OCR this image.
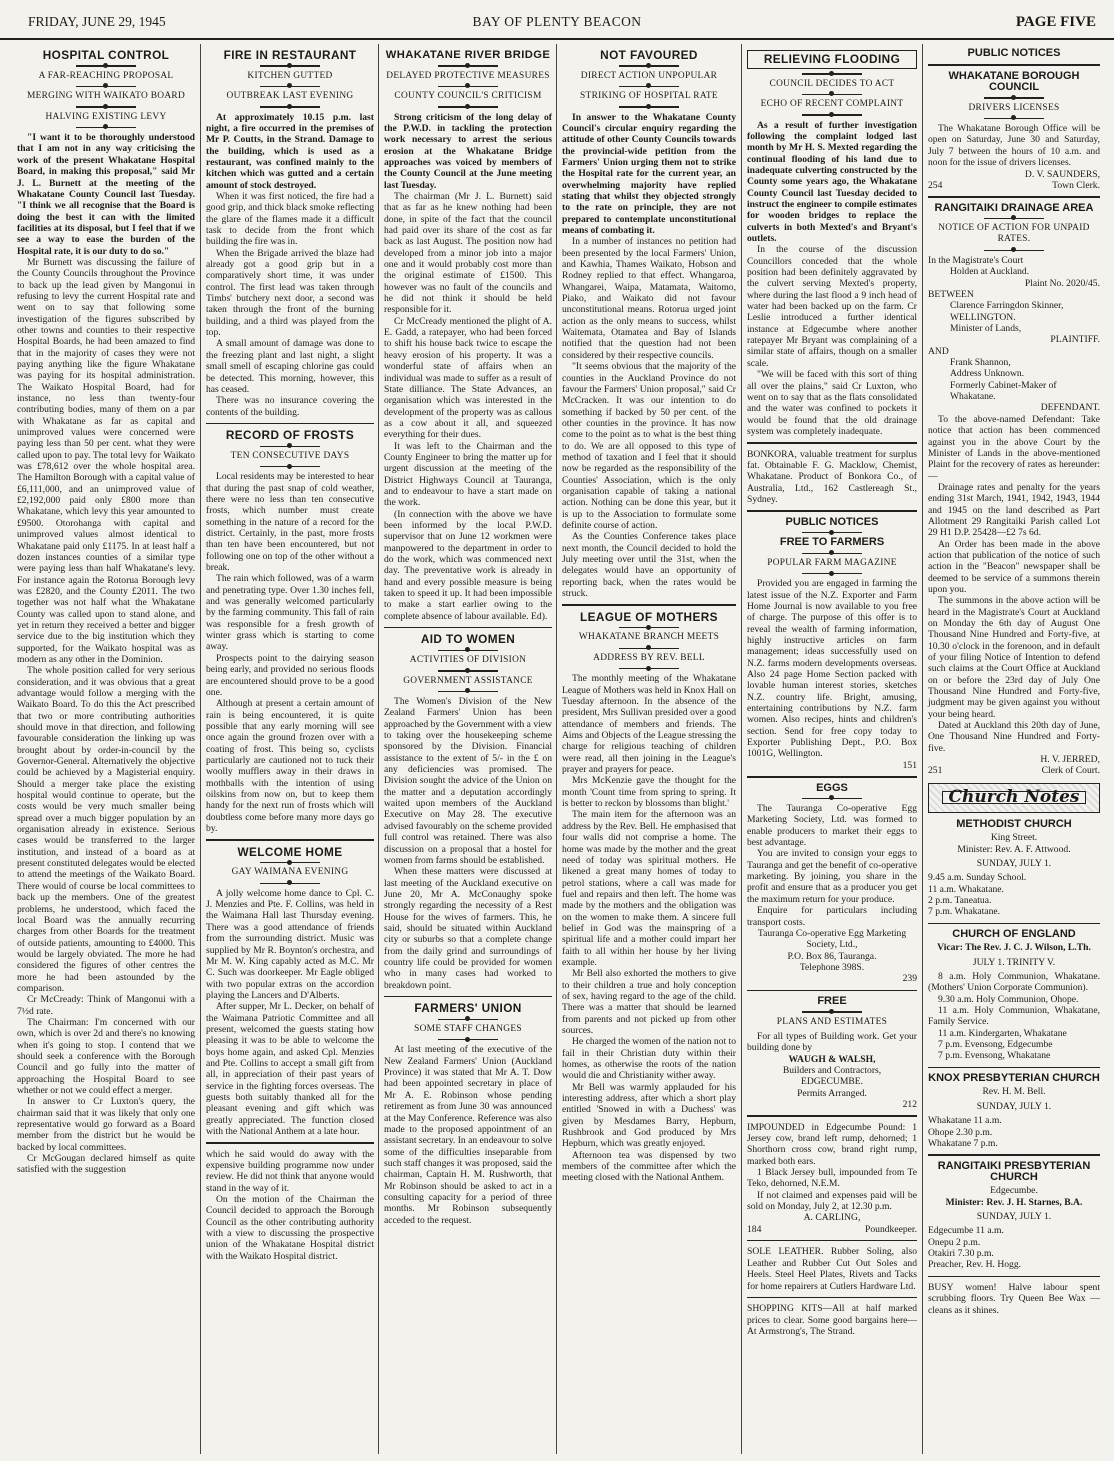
BAY OF PLENTY BEACON
FRIDAY, JUNE 29, 1945	PAGE FIVE
HOSPITAL CONTROL
A FAR-REACHING PROPOSAL
MERGING WITH WAIKATO BOARD
HALVING EXISTING LEVY

"I want it to be thoroughly understood that I am not in any way criticising the work of the present Whakatane Hospital Board, in making this proposal," said Mr J. L. Burnett at the meeting of the Whakatane County Council last Tuesday. "I think we all recognise that the Board is doing the best it can with the limited facilities at its disposal, but I feel that if we see a way to ease the burden of the Hospital rate, it is our duty to do so."

Mr Burnett was discussing the failure of the County Councils throughout the Province to back up the lead given by Mangonui in refusing to levy the current Hospital rate and went on to say that following some investigation of the figures subscribed by other towns and counties to their respective Hospital Boards, he had been amazed to find that in the majority of cases they were not paying anything like the figure Whakatane was paying for its hospital administration. The Waikato Hospital Board, had for instance, no less than twenty-four contributing bodies, many of them on a par with Whakatane as far as capital and unimproved values were concerned were paying less than 50 per cent. what they were called upon to pay. The total levy for Waikato was £78,612 over the whole hospital area. The Hamilton Borough with a capital value of £6,111,000, and an unimproved value of £2,192,000 paid only £800 more than Whakatane, which levy this year amounted to £9500. Otorohanga with capital and unimproved values almost identical to Whakatane paid only £1175. In at least half a dozen instances counties of a similar type were paying less than half Whakatane's levy. For instance again the Rotorua Borough levy was £2820, and the County £2011. The two together was not half what the Whakatane County was called upon to stand alone, and yet in return they received a better and bigger service due to the big institution which they supported, for the Waikato hospital was as modern as any other in the Dominion.

The whole position called for very serious consideration, and it was obvious that a great advantage would follow a merging with the Waikato Board. To do this the Act prescribed that two or more contributing authorities should move in that direction, and following favourable consideration the linking up was brought about by order-in-council by the Governor-General. Alternatively the objective could be achieved by a Magisterial enquiry. Should a merger take place the existing hospital would continue to operate, but the costs would be very much smaller being spread over a much bigger population by an organisation already in existence. Serious cases would be transferred to the larger institution, and instead of a board as at present constituted delegates would be elected to attend the meetings of the Waikato Board. There would of course be local committees to back up the members. One of the greatest problems, he understood, which faced the local Board was the annually recurring charges from other Boards for the treatment of outside patients, amounting to £4000. This would be largely obviated. The more he had considered the figures of other centres the more he had been astounded by the comparison.

Cr McCready: Think of Mangonui with a 7½d rate.

The Chairman: I'm concerned with our own, which is over 2d and there's no knowing when it's going to stop. I contend that we should seek a conference with the Borough Council and go fully into the matter of approaching the Hospital Board to see whether or not we could effect a merger.

In answer to Cr Luxton's query, the chairman said that it was likely that only one representative would go forward as a Board member from the district but he would be backed by local committees.

Cr McGougan declared himself as quite satisfied with the suggestion

FIRE IN RESTAURANT
KITCHEN GUTTED
OUTBREAK LAST EVENING

At approximately 10.15 p.m. last night, a fire occurred in the premises of Mr P. Coutts, in the Strand. Damage to the building, which is used as a restaurant, was confined mainly to the kitchen which was gutted and a certain amount of stock destroyed.

When it was first noticed, the fire had a good grip, and thick black smoke reflecting the glare of the flames made it a difficult task to decide from the front which building the fire was in.

When the Brigade arrived the blaze had already got a good grip but in a comparatively short time, it was under control. The first lead was taken through Timbs' butchery next door, a second was taken through the front of the burning building, and a third was played from the top.

A small amount of damage was done to the freezing plant and last night, a slight small smell of escaping chlorine gas could be detected. This morning, however, this has ceased.

There was no insurance covering the contents of the building.

RECORD OF FROSTS
TEN CONSECUTIVE DAYS

Local residents may be interested to hear that during the past snap of cold weather, there were no less than ten consecutive frosts, which number must create something in the nature of a record for the district. Certainly, in the past, more frosts than ten have been encountered, but not following one on top of the other without a break.

The rain which followed, was of a warm and penetrating type. Over 1.30 inches fell, and was generally welcomed particularly by the farming community. This fall of rain was responsible for a fresh growth of winter grass which is starting to come away.

Prospects point to the dairying season being early, and provided no serious floods are encountered should prove to be a good one.

Although at present a certain amount of rain is being encountered, it is quite possible that any early morning will see once again the ground frozen over with a coating of frost. This being so, cyclists particularly are cautioned not to tuck their woolly mufflers away in their draws in mothballs with the intention of using oilskins from now on, but to keep them handy for the next run of frosts which will doubtless come before many more days go by.

WELCOME HOME
GAY WAIMANA EVENING

A jolly welcome home dance to Cpl. C. J. Menzies and Pte. F. Collins, was held in the Waimana Hall last Thursday evening. There was a good attendance of friends from the surrounding district. Music was supplied by Mr R. Boynton's orchestra, and Mr M. W. King capably acted as M.C. Mr C. Such was doorkeeper. Mr Eagle obliged with two popular extras on the accordion playing the Lancers and D'Alberts.

After supper, Mr L. Decker, on behalf of the Waimana Patriotic Committee and all present, welcomed the guests stating how pleasing it was to be able to welcome the boys home again, and asked Cpl. Menzies and Pte. Collins to accept a small gift from all, in appreciation of their past years of service in the fighting forces overseas. The guests both suitably thanked all for the pleasant evening and gift which was greatly appreciated. The function closed with the National Anthem at a late hour.

which he said would do away with the expensive building programme now under review. He did not think that anyone would stand in the way of it.

On the motion of the Chairman the Council decided to approach the Borough Council as the other contributing authority with a view to discussing the prospective union of the Whakatane Hospital district with the Waikato Hospital district.

WHAKATANE RIVER BRIDGE
DELAYED PROTECTIVE MEASURES
COUNTY COUNCIL'S CRITICISM

Strong criticism of the long delay of the P.W.D. in tackling the protection work necessary to arrest the serious erosion at the Whakatane Bridge approaches was voiced by members of the County Council at the June meeting last Tuesday.

The chairman (Mr J. L. Burnett) said that as far as he knew nothing had been done, in spite of the fact that the council had paid over its share of the cost as far back as last August. The position now had developed from a minor job into a major one and it would probably cost more than the original estimate of £1500. This however was no fault of the councils and he did not think it should be held responsible for it.

Cr McCready mentioned the plight of A. E. Gadd, a ratepayer, who had been forced to shift his house back twice to escape the heavy erosion of his property. It was a wonderful state of affairs when an individual was made to suffer as a result of State dilliance. The State Advances, an organisation which was interested in the development of the property was as callous as a cow about it all, and squeezed everything for their dues.

It was left to the Chairman and the County Engineer to bring the matter up for urgent discussion at the meeting of the District Highways Council at Tauranga, and to endeavour to have a start made on the work.

(In connection with the above we have been informed by the local P.W.D. supervisor that on June 12 workmen were manpowered to the department in order to do the work, which was commenced next day. The preventative work is already in hand and every possible measure is being taken to speed it up. It had been impossible to make a start earlier owing to the complete absence of labour available. Ed).

AID TO WOMEN
ACTIVITIES OF DIVISION
GOVERNMENT ASSISTANCE

The Women's Division of the New Zealand Farmers' Union has been approached by the Government with a view to taking over the housekeeping scheme sponsored by the Division. Financial assistance to the extent of 5/- in the £ on any deficiencies was promised. The Division sought the advice of the Union on the matter and a deputation accordingly waited upon members of the Auckland Executive on May 28. The executive advised favourably on the scheme provided full control was retained. There was also discussion on a proposal that a hostel for women from farms should be established.

When these matters were discussed at last meeting of the Auckland executive on June 20, Mr A. McConaughy spoke strongly regarding the necessity of a Rest House for the wives of farmers. This, he said, should be situated within Auckland city or suburbs so that a complete change from the daily grind and surroundings of country life could be provided for women who in many cases had worked to breakdown point.

FARMERS' UNION
SOME STAFF CHANGES

At last meeting of the executive of the New Zealand Farmers' Union (Auckland Province) it was stated that Mr A. T. Dow had been appointed secretary in place of Mr A. E. Robinson whose pending retirement as from June 30 was announced at the May Conference. Reference was also made to the proposed appointment of an assistant secretary. In an endeavour to solve some of the difficulties inseparable from such staff changes it was proposed, said the chairman, Captain H. M. Rushworth, that Mr Robinson should be asked to act in a consulting capacity for a period of three months. Mr Robinson subsequently acceded to the request.

NOT FAVOURED
DIRECT ACTION UNPOPULAR
STRIKING OF HOSPITAL RATE

In answer to the Whakatane County Council's circular enquiry regarding the attitude of other County Councils towards the provincial-wide petition from the Farmers' Union urging them not to strike the Hospital rate for the current year, an overwhelming majority have replied stating that whilst they objected strongly to the rate on principle, they are not prepared to contemplate unconstitutional means of combating it.

In a number of instances no petition had been presented by the local Farmers' Union, and Kawhia, Thames Waikato, Hobson and Rodney replied to that effect. Whangaroa, Whangarei, Waipa, Matamata, Waitomo, Piako, and Waikato did not favour unconstitutional means. Rotorua urged joint action as the only means to success, whilst Waitemata, Otamatea and Bay of Islands notified that the question had not been considered by their respective councils.

"It seems obvious that the majority of the counties in the Auckland Province do not favour the Farmers' Union proposal," said Cr McCracken. It was our intention to do something if backed by 50 per cent. of the other counties in the province. It has now come to the point as to what is the best thing to do. We are all opposed to this type of method of taxation and I feel that it should now be regarded as the responsibility of the Counties' Association, which is the only organisation capable of taking a national action. Nothing can be done this year, but it is up to the Association to formulate some definite course of action.

As the Counties Conference takes place next month, the Council decided to hold the July meeting over until the 31st, when the delegates would have an opportunity of reporting back, when the rates would be struck.

LEAGUE OF MOTHERS
WHAKATANE BRANCH MEETS
ADDRESS BY REV. BELL

The monthly meeting of the Whakatane League of Mothers was held in Knox Hall on Tuesday afternoon. In the absence of the president, Mrs Sullivan presided over a good attendance of members and friends. The Aims and Objects of the League stressing the charge for religious teaching of children were read, all then joining in the League's prayer and prayers for peace.

Mrs McKenzie gave the thought for the month 'Count time from spring to spring. It is better to reckon by blossoms than blight.'

The main item for the afternoon was an address by the Rev. Bell. He emphasised that four walls did not comprise a home. The home was made by the mother and the great need of today was spiritual mothers. He likened a great many homes of today to petrol stations, where a call was made for fuel and repairs and then left. The home was made by the mothers and the obligation was on the women to make them. A sincere full belief in God was the mainspring of a spiritual life and a mother could impart her faith to all within her house by her living example.

Mr Bell also exhorted the mothers to give to their children a true and holy conception of sex, having regard to the age of the child. There was a matter that should be learned from parents and not picked up from other sources.

He charged the women of the nation not to fail in their Christian duty within their homes, as otherwise the roots of the nation would die and Christianity wither away.

Mr Bell was warmly applauded for his interesting address, after which a short play entitled 'Snowed in with a Duchess' was given by Mesdames Barry, Hepburn, Rushbrook and God produced by Mrs Hepburn, which was greatly enjoyed.

Afternoon tea was dispensed by two members of the committee after which the meeting closed with the National Anthem.

RELIEVING FLOODING
COUNCIL DECIDES TO ACT
ECHO OF RECENT COMPLAINT

As a result of further investigation following the complaint lodged last month by Mr H. S. Mexted regarding the continual flooding of his land due to inadequate culverting constructed by the County some years ago, the Whakatane County Council last Tuesday decided to instruct the engineer to compile estimates for wooden bridges to replace the culverts in both Mexted's and Bryant's outlets.

In the course of the discussion Councillors conceded that the whole position had been definitely aggravated by the culvert serving Mexted's property, where during the last flood a 9 inch head of water had been backed up on the farm. Cr Leslie introduced a further identical instance at Edgecumbe where another ratepayer Mr Bryant was complaining of a similar state of affairs, though on a smaller scale.

"We will be faced with this sort of thing all over the plains," said Cr Luxton, who went on to say that as the flats consolidated and the water was confined to pockets it would be found that the old drainage system was completely inadequate.

BONKORA, valuable treatment for surplus fat. Obtainable F. G. Macklow, Chemist, Whakatane. Product of Bonkora Co., of Australia, Ltd., 162 Castlereagh St., Sydney.

PUBLIC NOTICES
FREE TO FARMERS
POPULAR FARM MAGAZINE

Provided you are engaged in farming the latest issue of the N.Z. Exporter and Farm Home Journal is now available to you free of charge. The purpose of this offer is to reveal the wealth of farming information, highly instructive articles on farm management; ideas successfully used on N.Z. farms modern developments overseas. Also 24 page Home Section packed with lovable human interest stories, sketches N.Z. country life. Bright, amusing, entertaining contributions by N.Z. farm women. Also recipes, hints and children's section. Send for free copy today to Exporter Publishing Dept., P.O. Box 1001G, Wellington.

151

EGGS

The Tauranga Co-operative Egg Marketing Society, Ltd. was formed to enable producers to market their eggs to best advantage.

You are invited to consign your eggs to Tauranga and get the benefit of co-operative marketing. By joining, you share in the profit and ensure that as a producer you get the maximum return for your produce.

Enquire for particulars including transport costs.

Tauranga Co-operative Egg Marketing Society, Ltd.,

P.O. Box 86, Tauranga.

Telephone 398S.

239

FREE
PLANS AND ESTIMATES

For all types of Building work. Get your building done by

WAUGH & WALSH,

Builders and Contractors,

EDGECUMBE.

Permits Arranged.

212

IMPOUNDED in Edgecumbe Pound: 1 Jersey cow, brand left rump, dehorned; 1 Shorthorn cross cow, brand right rump, marked both ears.

1 Black Jersey bull, impounded from Te Teko, dehorned, N.E.M.

If not claimed and expenses paid will be sold on Monday, July 2, at 12.30 p.m.

A. CARLING,

184	Poundkeeper.

SOLE LEATHER. Rubber Soling, also Leather and Rubber Cut Out Soles and Heels. Steel Heel Plates, Rivets and Tacks for home repairers at Cutlers Hardware Ltd.

SHOPPING KITS—All at half marked prices to clear. Some good bargains here—At Armstrong's, The Strand.

PUBLIC NOTICES
WHAKATANE BOROUGH COUNCIL
DRIVERS LICENSES

The Whakatane Borough Office will be open on Saturday, June 30 and Saturday, July 7 between the hours of 10 a.m. and noon for the issue of drivers licenses.

D. V. SAUNDERS,

254	Town Clerk.

RANGITAIKI DRAINAGE AREA
NOTICE OF ACTION FOR UNPAID RATES.

In the Magistrate's Court

Holden at Auckland.

Plaint No. 2020/45.

BETWEEN

Clarence Farringdon Skinner,

WELLINGTON.

Minister of Lands,

PLAINTIFF.

AND

Frank Shannon,

Address Unknown.

Formerly Cabinet-Maker of

Whakatane.

DEFENDANT.

To the above-named Defendant: Take notice that action has been commenced against you in the above Court by the Minister of Lands in the above-mentioned Plaint for the recovery of rates as hereunder:—

Drainage rates and penalty for the years ending 31st March, 1941, 1942, 1943, 1944 and 1945 on the land described as Part Allotment 29 Rangitaiki Parish called Lot 29 H1 D.P. 25428—£2 7s 6d.

An Order has been made in the above action that publication of the notice of such action in the "Beacon" newspaper shall be deemed to be service of a summons therein upon you.

The summons in the above action will be heard in the Magistrate's Court at Auckland on Monday the 6th day of August One Thousand Nine Hundred and Forty-five, at 10.30 o'clock in the forenoon, and in default of your filing Notice of Intention to defend such claims at the Court Office at Auckland on or before the 23rd day of July One Thousand Nine Hundred and Forty-five, judgment may be given against you without your being heard.

Dated at Auckland this 20th day of June, One Thousand Nine Hundred and Forty-five.

H. V. JERRED,

251	Clerk of Court.

Church Notes
METHODIST CHURCH

King Street.

Minister: Rev. A. F. Attwood.

SUNDAY, JULY 1.

9.45 a.m. Sunday School.

11 a.m. Whakatane.

2 p.m. Taneatua.

7 p.m. Whakatane.

CHURCH OF ENGLAND

Vicar: The Rev. J. C. J. Wilson, L.Th.

JULY 1. TRINITY V.

8 a.m. Holy Communion, Whakatane. (Mothers' Union Corporate Communion).

9.30 a.m. Holy Communion, Ohope.

11 a.m. Holy Communion, Whakatane, Family Service.

11 a.m. Kindergarten, Whakatane

7 p.m. Evensong, Edgecumbe

7 p.m. Evensong, Whakatane

KNOX PRESBYTERIAN CHURCH

Rev. H. M. Bell.

SUNDAY, JULY 1.

Whakatane 11 a.m.

Ohope 2.30 p.m.

Whakatane 7 p.m.

RANGITAIKI PRESBYTERIAN CHURCH

Edgecumbe.

Minister: Rev. J. H. Starnes, B.A.

SUNDAY, JULY 1.

Edgecumbe 11 a.m.

Onepu 2 p.m.

Otakiri 7.30 p.m.

Preacher, Rev. H. Hogg.

BUSY women! Halve labour spent scrubbing floors. Try Queen Bee Wax —cleans as it shines.
